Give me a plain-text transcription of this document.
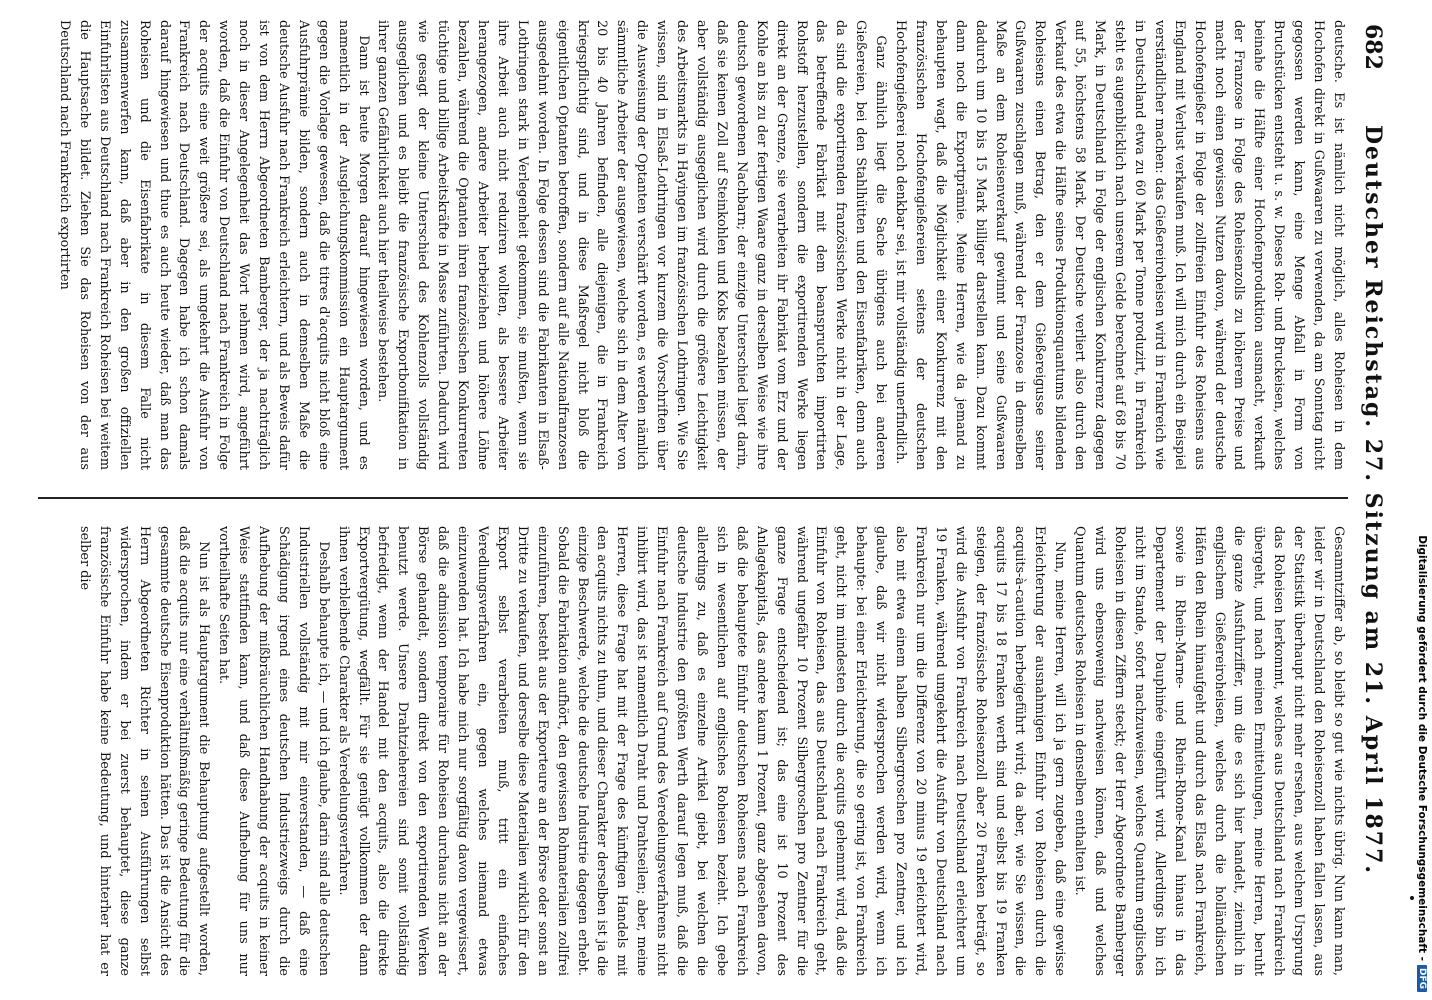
682
Deutscher Reichstag. 27. Sitzung am 21. April 1877.

deutsche. Es ist nämlich nicht möglich, alles Roheisen in dem Hochofen direkt in Gußwaaren zu verwenden, da am Sonntag nicht gegossen werden kann, eine Menge Abfall in Form von Bruchstücken entsteht u. s. w. Dieses Roh- und Bruckeisen, welches beinahe die Hälfte einer Hochofenproduktion ausmacht, verkauft der Franzose in Folge des Roheisenzolls zu höherem Preise und macht noch einen gewissen Nutzen davon, während der deutsche Hochofengießer in Folge der zollfreien Einfuhr des Roheisens aus England mit Verlust verkaufen muß. Ich will mich durch ein Beispiel verständlicher machen: das Gießereiroheisen wird in Frankreich wie in Deutschland etwa zu 60 Mark per Tonne produzirt, in Frankreich steht es augenblicklich nach unserem Gelde berechnet auf 68 bis 70 Mark, in Deutschland in Folge der englischen Konkurrenz dagegen auf 55, höchstens 58 Mark. Der Deutsche verliert also durch den Verkauf des etwa die Hälfte seines Produktionsquantums bildenden Roheisens einen Betrag, den er dem Gießereigusse seiner Gußwaaren zuschlagen muß, während der Franzose in demselben Maße an dem Roheisenverkauf gewinnt und seine Gußwaaren dadurch um 10 bis 15 Mark billiger darstellen kann. Dazu kommt dann noch die Exportprämie. Meine Herren, wie da jemand zu behaupten wagt, daß die Möglichkeit einer Konkurrenz mit den französischen Hochofengießereien seitens der deutschen Hochofengießerei noch denkbar sei, ist mir vollständig unerfindlich.

Ganz ähnlich liegt die Sache übrigens auch bei anderen Gießereien, bei den Stahlhütten und den Eisenfabriken, denn auch da sind die exportirenden französischen Werke nicht in der Lage, das betreffende Fabrikat mit dem beanspruchten importirten Rohstoff herzustellen, sondern die exportirenden Werke liegen direkt an der Grenze, sie verarbeiten ihr Fabrikat vom Erz und der Kohle an bis zu der fertigen Waare ganz in derselben Weise wie ihre deutsch gewordenen Nachbarn; der einzige Unterschied liegt darin, daß sie keinen Zoll auf Steinkohlen und Koks bezahlen müssen, der aber vollständig ausgeglichen wird durch die größere Leichtigkeit des Arbeitsmarkts in Hayingen im französischen Lothringen. Wie Sie wissen, sind in Elsaß-Lothringen vor kurzem die Vorschriften über die Ausweisung der Optanten verschärft worden, es werden nämlich sämmtliche Arbeiter der ausgewiesen, welche sich in dem Alter von 20 bis 40 Jahren befinden, alle diejenigen, die in Frankreich kriegspflichtig sind, und in diese Maßregel nicht bloß die eigentlichen Optanten betroffen, sondern auf alle Nationalfranzosen ausgedehnt worden. In Folge dessen sind die Fabrikanten in Elsaß-Lothringen stark in Verlegenheit gekommen, sie mußten, wenn sie ihre Arbeit auch nicht reduziren wollten, als bessere Arbeiter herangezogen, andere Arbeiter herbeiziehen und höhere Löhne bezahlen, während die Optanten ihren französischen Konkurrenten tüchtige und billige Arbeitskräfte in Masse zuführten. Dadurch wird wie gesagt der kleine Unterschied des Kohlenzolls vollständig ausgeglichen und es bleibt die französische Exportbonifikation in ihrer ganzen Gefährlichkeit auch hier theilweise bestehen.

Dann ist heute Morgen darauf hingewiesen worden, und es namentlich in der Ausgleichungskommission ein Hauptargument gegen die Vorlage gewesen, daß die titres d'acquits nicht bloß eine Ausfuhrprämie bilden, sondern auch in demselben Maße die deutsche Ausfuhr nach Frankreich erleichtern, und als Beweis dafür ist von dem Herrn Abgeordneten Bamberger, der ja nachträglich noch in dieser Angelegenheit das Wort nehmen wird, angeführt worden, daß die Einfuhr von Deutschland nach Frankreich in Folge der acquits eine weit größere sei, als umgekehrt die Ausfuhr von Frankreich nach Deutschland. Dagegen habe ich schon damals darauf hingewiesen und thue es auch heute wieder, daß man das Roheisen und die Eisenfabrikate in diesem Falle nicht zusammenwerfen kann, daß aber in den großen offiziellen Einfuhrlisten aus Deutschland nach Frankreich Roheisen bei weitem die Hauptsache bildet. Ziehen Sie das Roheisen von der aus Deutschland nach Frankreich exportirten

Gesammtziffer ab, so bleibt so gut wie nichts übrig. Nun kann man, leider wir in Deutschland den Roheisenzoll haben fallen lassen, aus der Statistik überhaupt nicht mehr ersehen, aus welchem Ursprung das Roheisen herkommt, welches aus Deutschland nach Frankreich übergeht, und nach meinen Ermittelungen, meine Herren, beruht die ganze Ausfuhrziffer, um die es sich hier handelt, ziemlich in englischem Gießereiroheisen, welches durch die holländischen Häfen den Rhein hinaufgeht und durch das Elsaß nach Frankreich, sowie in Rhein-Marne- und Rhein-Rhone-Kanal hinaus in das Departement der Dauphinée eingeführt wird. Allerdings bin ich nicht im Stande, sofort nachzuweisen, welches Quantum englisches Roheisen in diesen Ziffern steckt; der Herr Abgeordnete Bamberger wird uns ebensowenig nachweisen können, daß und welches Quantum deutsches Roheisen in denselben enthalten ist.

Nun, meine Herren, will ich ja gern zugeben, daß eine gewisse Erleichterung der ausnahmigen Einfuhr von Roheisen durch die acquits-à-caution herbeigeführt wird; da aber, wie Sie wissen, die acquits 17 bis 18 Franken werth sind und selbst bis 19 Franken steigen, der französische Roheisenzoll aber 20 Franken beträgt, so wird die Ausfuhr von Frankreich nach Deutschland erleichtert um 19 Franken, während umgekehrt die Ausfuhr von Deutschland nach Frankreich nur um die Differenz von 20 minus 19 erleichtert wird, also mit etwa einem halben Silbergroschen pro Zentner, und ich glaube, daß wir nicht widersprochen werden wird, wenn ich behaupte: bei einer Erleichterung, die so gering ist, von Frankreich geht, nicht im mindesten durch die acquits gehemmt wird, daß die Einfuhr von Roheisen, das aus Deutschland nach Frankreich geht, während ungefähr 10 Prozent Silbergroschen pro Zentner für die ganze Frage entscheidend ist; das eine ist 10 Prozent des Anlagekapitals, das andere kaum 1 Prozent, ganz abgesehen davon, daß die behauptete Einfuhr deutschen Roheisens nach Frankreich sich in wesentlichen auf englisches Roheisen bezieht. Ich gebe allerdings zu, daß es einzelne Artikel giebt, bei welchen die deutsche Industrie den größten Werth darauf legen muß, daß die Einfuhr nach Frankreich auf Grund des Veredelungsverfahrens nicht inhibirt wird, das ist namentlich Draht und Drahtseilen; aber, meine Herren, diese Frage hat mit der Frage des künftigen Handels mit den acquits nichts zu thun, und dieser Charakter derselben ist ja die einzige Beschwerde, welche die deutsche Industrie dagegen erhebt. Sobald die Fabrikation aufhört, den gewissen Rohmaterialien zollfrei einzuführen, besteht aus der Exporteure an der Börse oder sonst an Dritte zu verkaufen, und derselbe diese Materialien wirklich für den Export selbst verarbeiten muß, tritt ein einfaches Veredlungsverfahren ein, gegen welches niemand etwas einzuwenden hat. Ich habe mich nur sorgfältig davon vergewissert, daß die admission temporaire für Roheisen durchaus nicht an der Börse gehandelt, sondern direkt von den exportirenden Werken benutzt werde. Unsere Drahtziehereien sind somit vollständig befriedigt, wenn der Handel mit den acquits, also die direkte Exportvergütung, wegfällt. Für sie genügt vollkommen der dann ihnen verbleibende Charakter als Veredelungsverfahren.

Deshalb behaupte ich, — und ich glaube, darin sind alle deutschen Industriellen vollständig mit mir einverstanden, — daß eine Schädigung irgend eines deutschen Industriezweigs durch die Aufhebung der mißbräuchlichen Handhabung der acquits in keiner Weise stattfinden kann, und daß diese Aufhebung für uns nur vortheilhafte Seiten hat.

Nun ist als Hauptargument die Behauptung aufgestellt worden, daß die acquits nur eine verhältnißmäßig geringe Bedeutung für die gesammte deutsche Eisenproduktion hätten. Das ist die Ansicht des Herrn Abgeordneten Richter in seinen Ausführungen selbst widersprochen, indem er bei zuerst behauptet, diese ganze französische Einfuhr habe keine Bedeutung, und hinterher hat er selber die	Digitalisierung gefördert durch die Deutsche Forschungsgemeinschaft -
DFG
